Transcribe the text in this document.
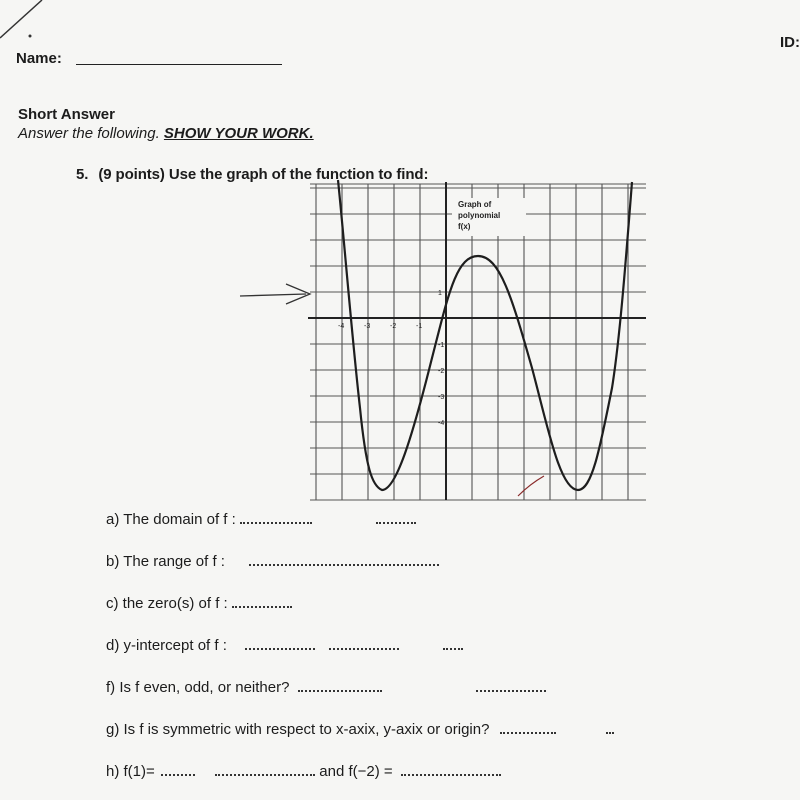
Name:
ID:
Short Answer
Answer the following. SHOW YOUR WORK.
5. (9 points) Use the graph of the function to find:
-4	-3	-2	-1
1
-1
-2
-3
-4
Graph of
polynomial
f(x)
a) The domain of f :
b) The range of f :
c) the zero(s) of f :
d) y-intercept of f :
f) Is f even, odd, or neither?
g) Is f is symmetric with respect to x-axix, y-axix or origin?
h) f(1)=	and f(−2) =
